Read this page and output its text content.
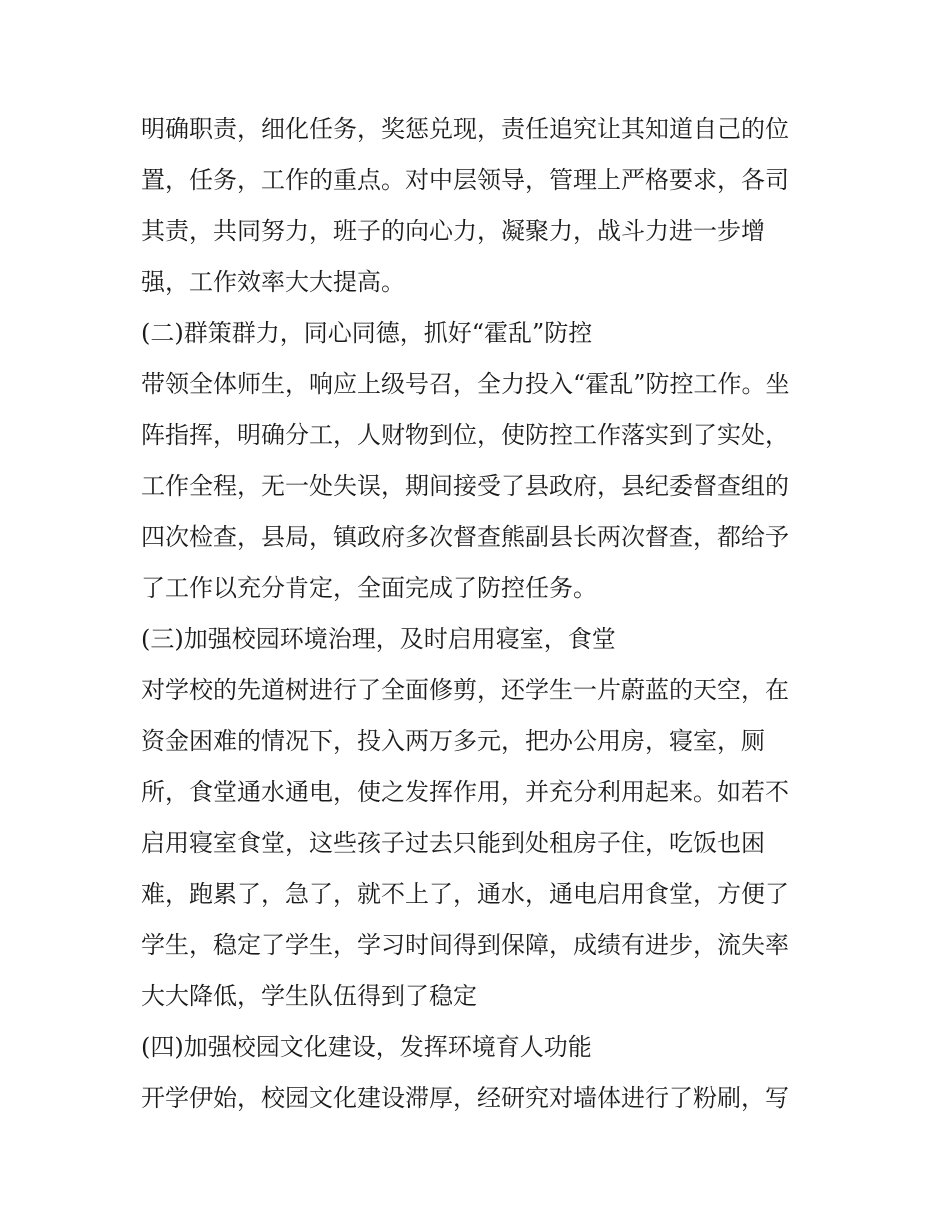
明确职责，细化任务，奖惩兑现，责任追究让其知道自己的位
置，任务，工作的重点。对中层领导，管理上严格要求，各司
其责，共同努力，班子的向心力，凝聚力，战斗力进一步增
强，工作效率大大提高。
(二)群策群力，同心同德，抓好“霍乱”防控
带领全体师生，响应上级号召，全力投入“霍乱”防控工作。坐
阵指挥，明确分工，人财物到位，使防控工作落实到了实处，
工作全程，无一处失误，期间接受了县政府，县纪委督查组的
四次检查，县局，镇政府多次督查熊副县长两次督查，都给予
了工作以充分肯定，全面完成了防控任务。
(三)加强校园环境治理，及时启用寝室，食堂
对学校的先道树进行了全面修剪，还学生一片蔚蓝的天空，在
资金困难的情况下，投入两万多元，把办公用房，寝室，厕
所，食堂通水通电，使之发挥作用，并充分利用起来。如若不
启用寝室食堂，这些孩子过去只能到处租房子住，吃饭也困
难，跑累了，急了，就不上了，通水，通电启用食堂，方便了
学生，稳定了学生，学习时间得到保障，成绩有进步，流失率
大大降低，学生队伍得到了稳定
(四)加强校园文化建设，发挥环境育人功能
开学伊始，校园文化建设滞厚，经研究对墙体进行了粉刷，写
